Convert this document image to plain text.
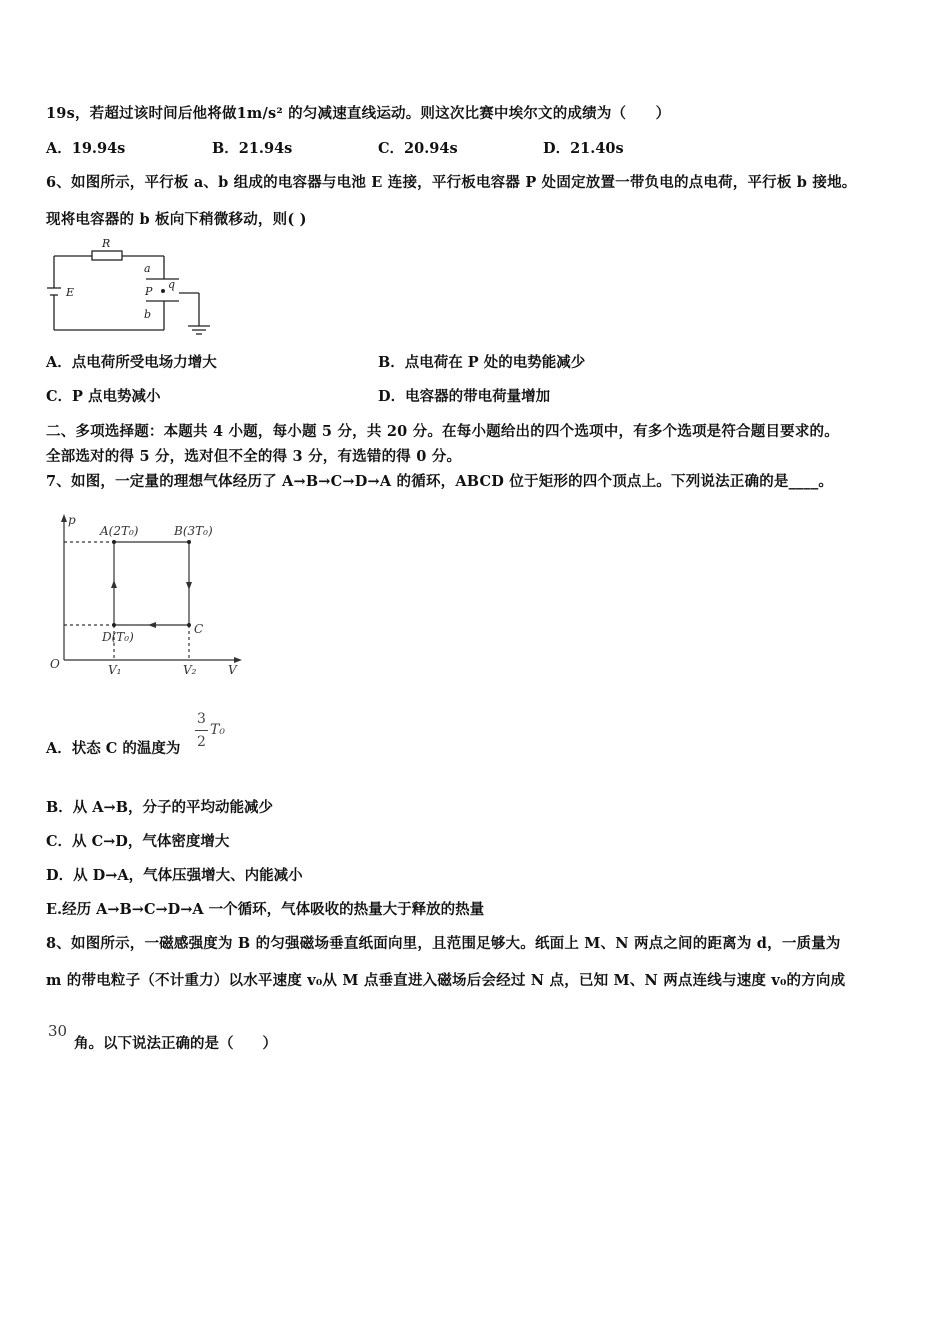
19s，若超过该时间后他将做1m/s² 的匀减速直线运动。则这次比赛中埃尔文的成绩为（　　）
A．19.94s	B．21.94s	C．20.94s	D．21.40s
6、如图所示，平行板 a、b 组成的电容器与电池 E 连接，平行板电容器 P 处固定放置一带负电的点电荷，平行板 b 接地。
现将电容器的 b 板向下稍微移动，则( )
R
a
E	P
q
b
A．点电荷所受电场力增大	B．点电荷在 P 处的电势能减少
C．P 点电势减小	D．电容器的带电荷量增加
二、多项选择题：本题共 4 小题，每小题 5 分，共 20 分。在每小题给出的四个选项中，有多个选项是符合题目要求的。
全部选对的得 5 分，选对但不全的得 3 分，有选错的得 0 分。
7、如图，一定量的理想气体经历了 A→B→C→D→A 的循环，ABCD 位于矩形的四个顶点上。下列说法正确的是____。
p
V
O
A(2T₀)	B(3T₀)
C
D(T₀)
V₁	V₂
A．状态 C 的温度为
3
2
T₀
B．从 A→B，分子的平均动能减少
C．从 C→D，气体密度增大
D．从 D→A，气体压强增大、内能减小
E.经历 A→B→C→D→A 一个循环，气体吸收的热量大于释放的热量
8、如图所示，一磁感强度为 B 的匀强磁场垂直纸面向里，且范围足够大。纸面上 M、N 两点之间的距离为 d，一质量为
m 的带电粒子（不计重力）以水平速度 v₀从 M 点垂直进入磁场后会经过 N 点，已知 M、N 两点连线与速度 v₀的方向成
30
角。以下说法正确的是（　　）
